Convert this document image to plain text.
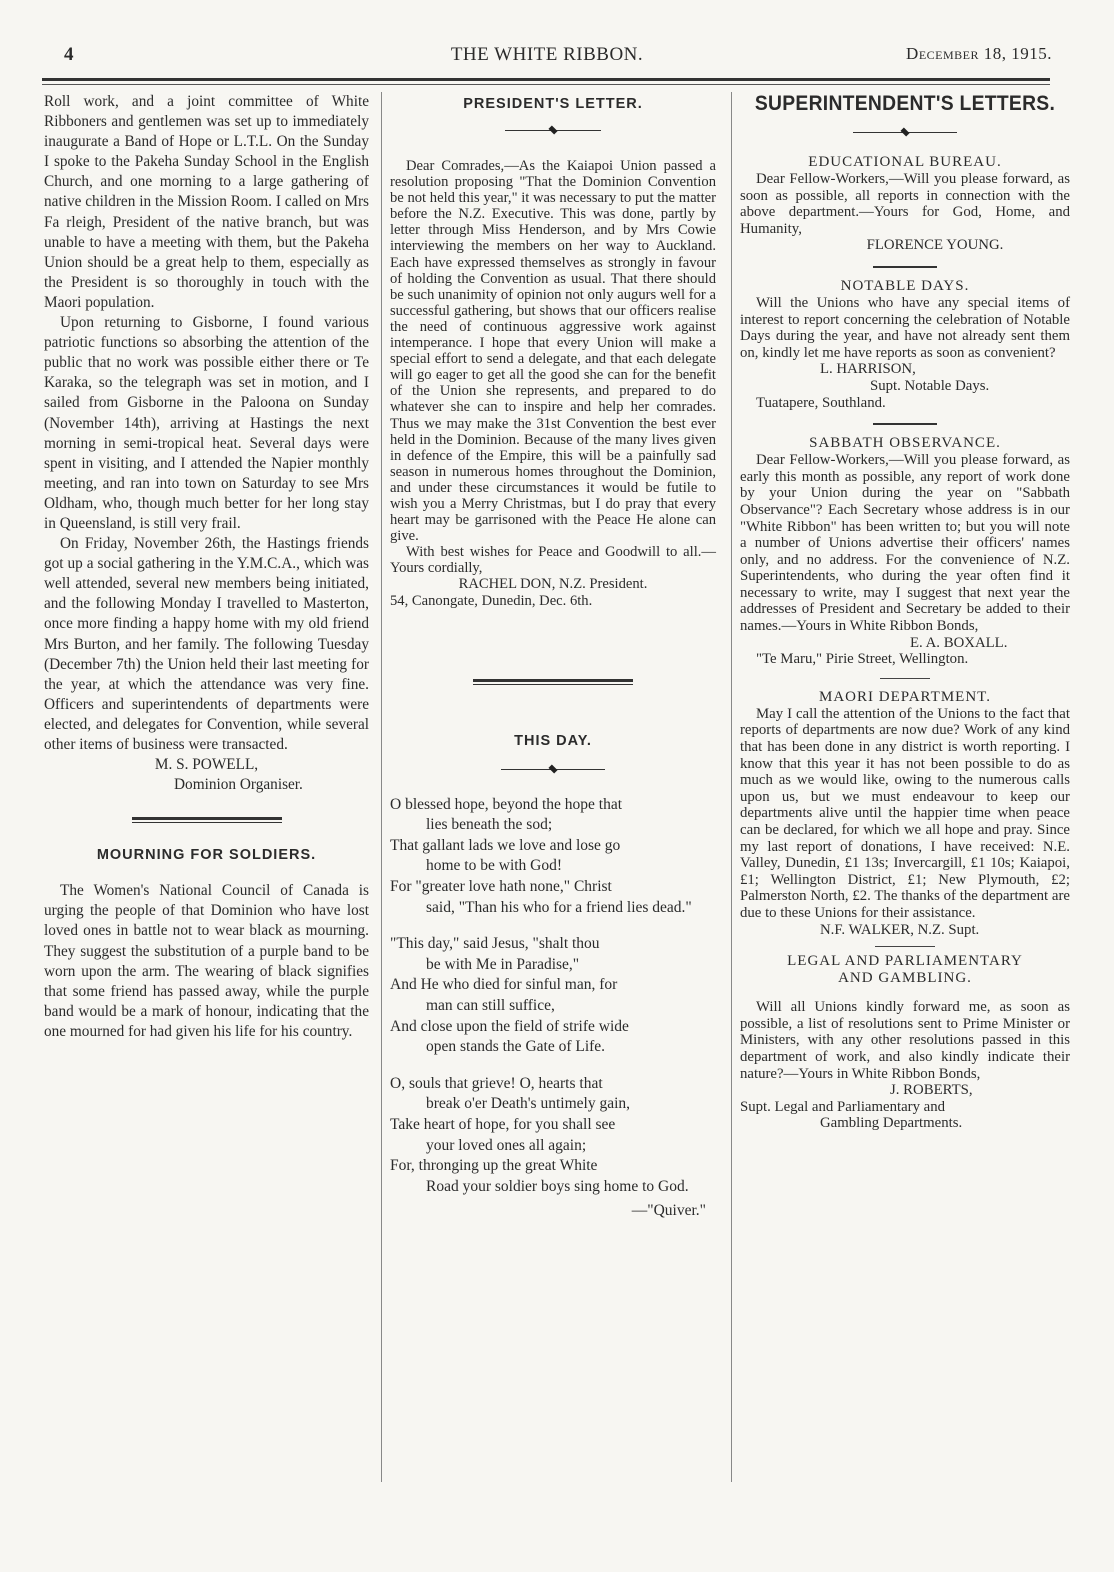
4	THE WHITE RIBBON.	December 18, 1915.

Roll work, and a joint committee of White Ribboners and gentlemen was set up to immediately inaugurate a Band of Hope or L.T.L. On the Sunday I spoke to the Pakeha Sunday School in the English Church, and one morning to a large gathering of native children in the Mission Room. I called on Mrs Fa rleigh, President of the native branch, but was unable to have a meeting with them, but the Pakeha Union should be a great help to them, especially as the President is so thoroughly in touch with the Maori population.

Upon returning to Gisborne, I found various patriotic functions so absorbing the attention of the public that no work was possible either there or Te Karaka, so the telegraph was set in motion, and I sailed from Gisborne in the Paloona on Sunday (November 14th), arriving at Hastings the next morning in semi-tropical heat. Several days were spent in visiting, and I attended the Napier monthly meeting, and ran into town on Saturday to see Mrs Oldham, who, though much better for her long stay in Queensland, is still very frail.

On Friday, November 26th, the Hastings friends got up a social gathering in the Y.M.C.A., which was well attended, several new members being initiated, and the following Monday I travelled to Masterton, once more finding a happy home with my old friend Mrs Burton, and her family. The following Tuesday (December 7th) the Union held their last meeting for the year, at which the attendance was very fine. Officers and superintendents of departments were elected, and delegates for Convention, while several other items of business were transacted.

M. S. POWELL,

Dominion Organiser.

MOURNING FOR SOLDIERS.

The Women's National Council of Canada is urging the people of that Dominion who have lost loved ones in battle not to wear black as mourning. They suggest the substitution of a purple band to be worn upon the arm. The wearing of black signifies that some friend has passed away, while the purple band would be a mark of honour, indicating that the one mourned for had given his life for his country.

PRESIDENT'S LETTER.

Dear Comrades,—As the Kaiapoi Union passed a resolution proposing "That the Dominion Convention be not held this year," it was necessary to put the matter before the N.Z. Executive. This was done, partly by letter through Miss Henderson, and by Mrs Cowie interviewing the members on her way to Auckland. Each have expressed themselves as strongly in favour of holding the Convention as usual. That there should be such unanimity of opinion not only augurs well for a successful gathering, but shows that our officers realise the need of continuous aggressive work against intemperance. I hope that every Union will make a special effort to send a delegate, and that each delegate will go eager to get all the good she can for the benefit of the Union she represents, and prepared to do whatever she can to inspire and help her comrades. Thus we may make the 31st Convention the best ever held in the Dominion. Because of the many lives given in defence of the Empire, this will be a painfully sad season in numerous homes throughout the Dominion, and under these circumstances it would be futile to wish you a Merry Christmas, but I do pray that every heart may be garrisoned with the Peace He alone can give.

With best wishes for Peace and Goodwill to all.—Yours cordially,

RACHEL DON, N.Z. President.

54, Canongate, Dunedin, Dec. 6th.

THIS DAY.
O blessed hope, beyond the hope that
lies beneath the sod;
That gallant lads we love and lose go
home to be with God!
For "greater love hath none," Christ
said, "Than his who for a friend lies dead."
"This day," said Jesus, "shalt thou
be with Me in Paradise,"
And He who died for sinful man, for
man can still suffice,
And close upon the field of strife wide
open stands the Gate of Life.
O, souls that grieve! O, hearts that
break o'er Death's untimely gain,
Take heart of hope, for you shall see
your loved ones all again;
For, thronging up the great White
Road your soldier boys sing home to God.
—"Quiver."
SUPERINTENDENT'S LETTERS.
EDUCATIONAL BUREAU.

Dear Fellow-Workers,—Will you please forward, as soon as possible, all reports in connection with the above department.—Yours for God, Home, and Humanity,

FLORENCE YOUNG.

NOTABLE DAYS.

Will the Unions who have any special items of interest to report concerning the celebration of Notable Days during the year, and have not already sent them on, kindly let me have reports as soon as convenient?

L. HARRISON,

Supt. Notable Days.

Tuatapere, Southland.

SABBATH OBSERVANCE.

Dear Fellow-Workers,—Will you please forward, as early this month as possible, any report of work done by your Union during the year on "Sabbath Observance"? Each Secretary whose address is in our "White Ribbon" has been written to; but you will note a number of Unions advertise their officers' names only, and no address. For the convenience of N.Z. Superintendents, who during the year often find it necessary to write, may I suggest that next year the addresses of President and Secretary be added to their names.—Yours in White Ribbon Bonds,

E. A. BOXALL.

"Te Maru," Pirie Street, Wellington.

MAORI DEPARTMENT.

May I call the attention of the Unions to the fact that reports of departments are now due? Work of any kind that has been done in any district is worth reporting. I know that this year it has not been possible to do as much as we would like, owing to the numerous calls upon us, but we must endeavour to keep our departments alive until the happier time when peace can be declared, for which we all hope and pray. Since my last report of donations, I have received: N.E. Valley, Dunedin, £1 13s; Invercargill, £1 10s; Kaiapoi, £1; Wellington District, £1; New Plymouth, £2; Palmerston North, £2. The thanks of the department are due to these Unions for their assistance.

N.F. WALKER, N.Z. Supt.

LEGAL AND PARLIAMENTARY
AND GAMBLING.

Will all Unions kindly forward me, as soon as possible, a list of resolutions sent to Prime Minister or Ministers, with any other resolutions passed in this department of work, and also kindly indicate their nature?—Yours in White Ribbon Bonds,

J. ROBERTS,

Supt. Legal and Parliamentary and

Gambling Departments.
